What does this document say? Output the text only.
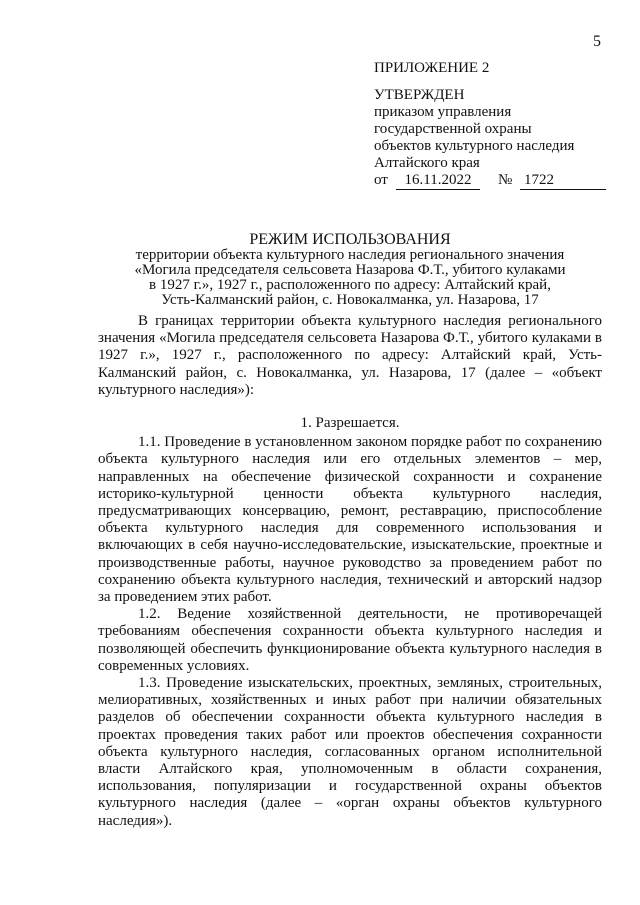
5
ПРИЛОЖЕНИЕ 2

УТВЕРЖДЕН

приказом управления

государственной охраны

объектов культурного наследия

Алтайского края

от	16.11.2022	№ 1722
РЕЖИМ ИСПОЛЬЗОВАНИЯ
территории объекта культурного наследия регионального значения
«Могила председателя сельсовета Назарова Ф.Т., убитого кулаками
в 1927 г.», 1927 г., расположенного по адресу: Алтайский край,
Усть-Калманский район, с. Новокалманка, ул. Назарова, 17

В границах территории объекта культурного наследия регионального значения «Могила председателя сельсовета Назарова Ф.Т., убитого кулаками в 1927 г.», 1927 г., расположенного по адресу: Алтайский край, Усть-Калманский район, с. Новокалманка, ул. Назарова, 17 (далее – «объект культурного наследия»):

1. Разрешается.

1.1. Проведение в установленном законом порядке работ по сохранению объекта культурного наследия или его отдельных элементов – мер, направленных на обеспечение физической сохранности и сохранение историко-культурной ценности объекта культурного наследия, предусматривающих консервацию, ремонт, реставрацию, приспособление объекта культурного наследия для современного использования и включающих в себя научно-исследовательские, изыскательские, проектные и производственные работы, научное руководство за проведением работ по сохранению объекта культурного наследия, технический и авторский надзор за проведением этих работ.

1.2. Ведение хозяйственной деятельности, не противоречащей требованиям обеспечения сохранности объекта культурного наследия и позволяющей обеспечить функционирование объекта культурного наследия в современных условиях.

1.3. Проведение изыскательских, проектных, земляных, строительных, мелиоративных, хозяйственных и иных работ при наличии обязательных разделов об обеспечении сохранности объекта культурного наследия в проектах проведения таких работ или проектов обеспечения сохранности объекта культурного наследия, согласованных органом исполнительной власти Алтайского края, уполномоченным в области сохранения, использования, популяризации и государственной охраны объектов культурного наследия (далее – «орган охраны объектов культурного наследия»).
